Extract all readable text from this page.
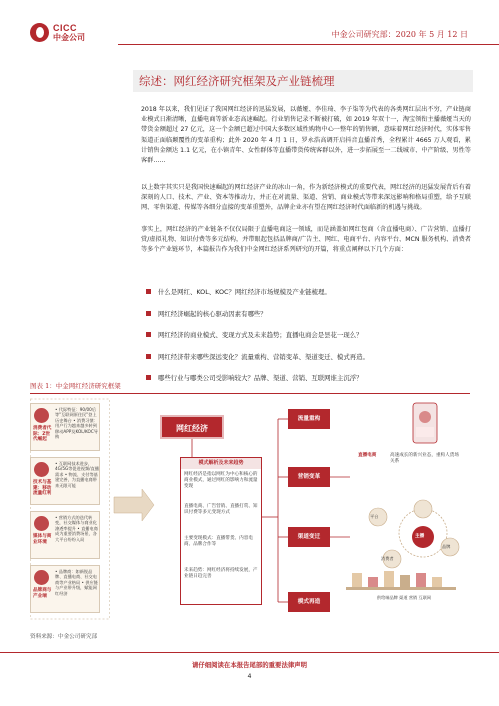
CICC
中金公司	中金公司研究部：2020 年 5 月 12 日
综述：网红经济研究框架及产业链梳理

2018 年以来，我们见证了我国网红经济的迅猛发展，以薇娅、李佳琦、李子柒等为代表的各类网红层出不穷，产业链商业模式日渐清晰，直播电商等新业态高速崛起。行业销售记录不断被打破，如 2019 年双十一，淘宝领衔主播薇娅当天的带货金额超过 27 亿元，这一个金额已超过中国大多数区域性购物中心一整年的销售额，意味着网红经济时代，实体零售渠道正面临颠覆性的变革重构；此外 2020 年 4 月 1 日，罗永浩高调开启抖音直播首秀，全程累计 4665 万人观看，累计销售金额达 1.1 亿元，在小镇青年、女性群体等直播带货传统客群以外，进一步拓展至一二线城市、中产阶级、男性等客群……

以上数字其实只是我国快速崛起的网红经济产业的冰山一角，作为新经济模式的重要代表，网红经济的迅猛发展背后有着深刻的人口、技术、产业、资本等推动力，并正在对流量、渠道、营销、商业模式等带来深远影响和格局重塑，给予互联网、零售渠道、传媒等各细分直接的变革重塑外，品牌企业亦有望在网红经济时代面临新的机遇与挑战。

事实上，网红经济的产业链条不仅仅局限于直播电商这一领域，而是涵盖如网红包商（含直播电商）、广告营销、直播打赏/虚拟礼物、知识付费等多元结构，并带眼起包括品牌商/广告主、网红、电商平台、内容平台、MCN 服务机构、消费者等多个产业链环节，本篇报告作为我们中金网红经济系列研究的开篇，将重点阐释以下几个方面：

什么是网红、KOL、KOC？网红经济市场规模及产业链梳理。
网红经济崛起的核心驱动因素有哪些？
网红经济的商业模式、变现方式及未来趋势；直播电商会是昙花一现么？
网红经济带来哪些深远变化？流量重构、营销变革、渠道变迁、模式再造。
哪些行业与哪类公司受影响较大？品牌、渠道、营销、互联网谁主沉浮？
图表 1：中金网红经济研究框架
消费者代际：Z世代崛起
• 代际特征：90/00后等"互联网原住民"登上历史舞台 • 消费习惯：用户行为越来越多转到移动APP及KOL/KOC导购
技术与基建：移动流量红利
• 互联网技术进步，4G/5G等促进视频/直播需求 • 物流、支付等基建完善，为直播电商带来无限可能
媒体与商业环境
• 营销方式的迭代转变，社交媒体与商业化渗透率提升 • 直播电商成为重要消费场景，各大平台纷纷入局
品牌商与产业端
• 品牌商：如新锐品牌、直播电商、社交电商等产业格局 • 供应链与产业带升级，赋能网红经济
网红经济
模式解析及未来趋势
网红经济是指以网红为中心和核心的商业模式，通过网红的影响力和流量变现
直播电商、广告营销、直播打赏、知识付费等多元变现方式
主要变现模式：直播带货、内容电商、品牌合作等
未来趋势：网红经济将持续发展，产业链日趋完善
流量重构
营销变革
渠道变迁
模式再造
直播电商	高速成长的新兴业态，重构人货场关系
平台
主播
品牌
消费者
供给端品牌 渠道 营销 互联网
资料来源：中金公司研究部
请仔细阅读在本报告尾部的重要法律声明
4
